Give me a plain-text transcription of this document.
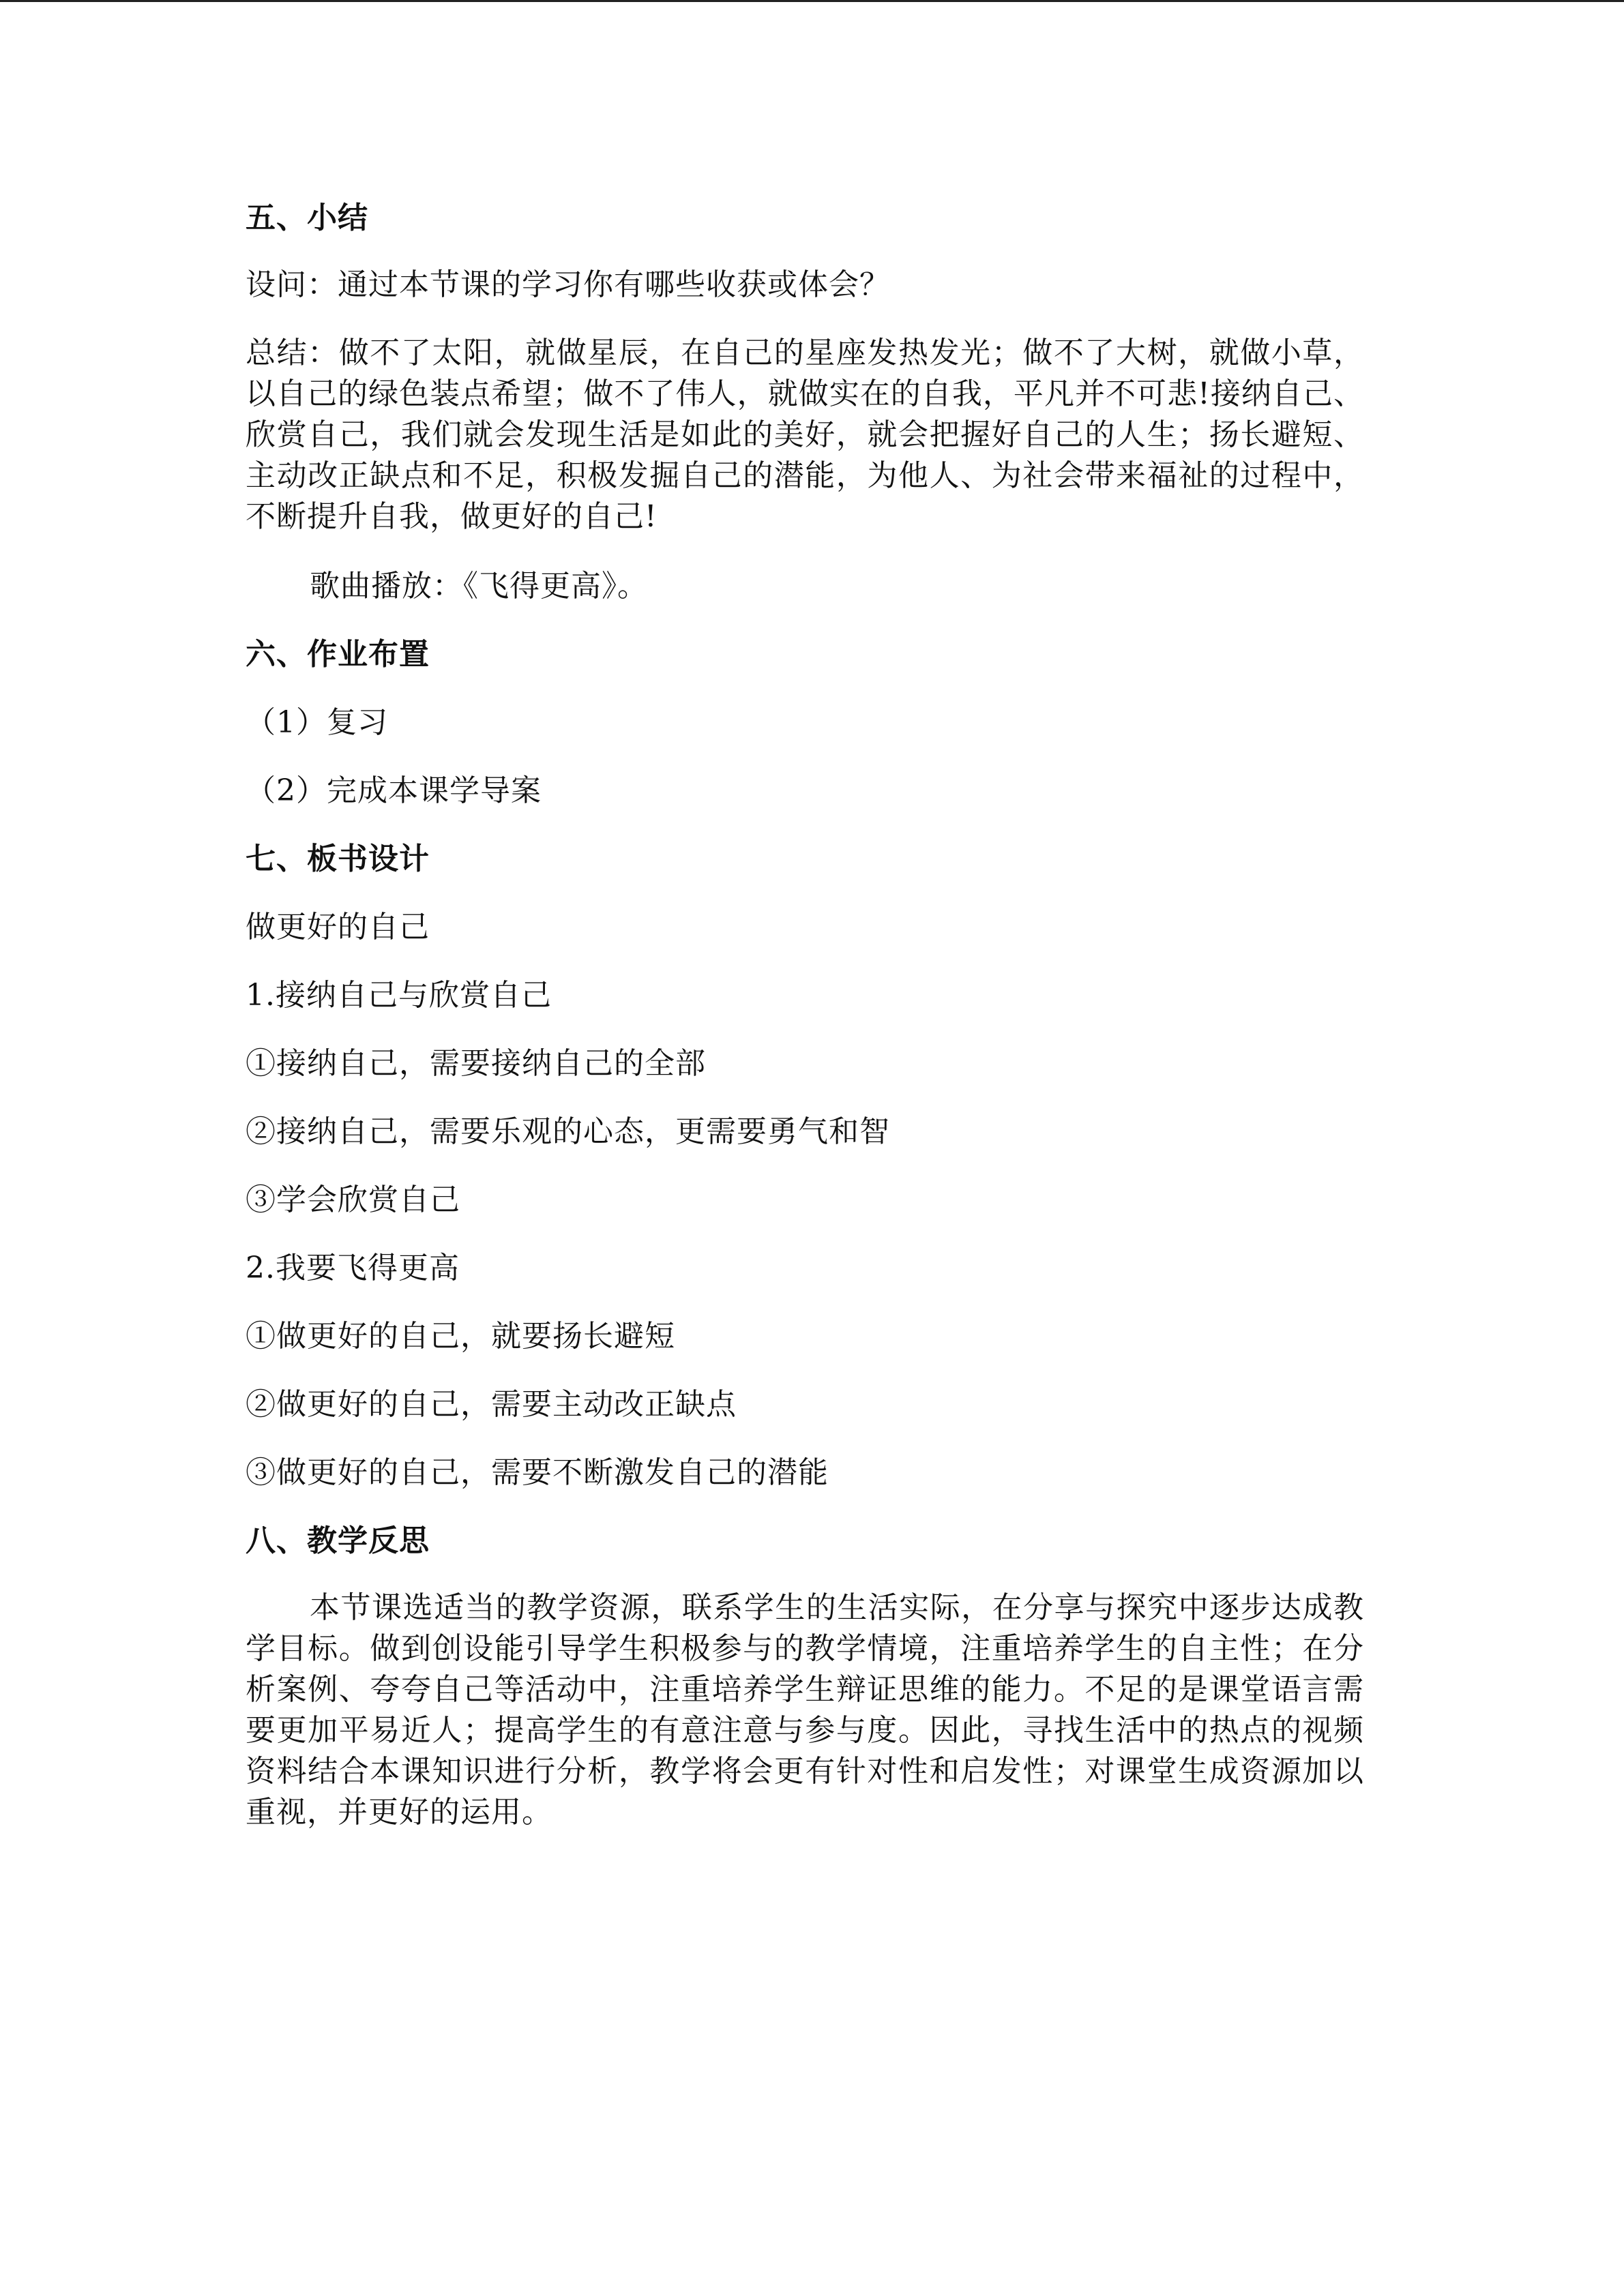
五、小结
设问：通过本节课的学习你有哪些收获或体会？
总结：做不了太阳，就做星辰，在自己的星座发热发光；做不了大树，就做小草，以自己的绿色装点希望；做不了伟人，就做实在的自我，平凡并不可悲!接纳自己、欣赏自己，我们就会发现生活是如此的美好，就会把握好自己的人生；扬长避短、主动改正缺点和不足，积极发掘自己的潜能，为他人、为社会带来福祉的过程中，不断提升自我，做更好的自己!
歌曲播放：《飞得更高》。
六、作业布置
（1）复习
（2）完成本课学导案
七、板书设计
做更好的自己
1.接纳自己与欣赏自己
①接纳自己，需要接纳自己的全部
②接纳自己，需要乐观的心态，更需要勇气和智
③学会欣赏自己
2.我要飞得更高
①做更好的自己，就要扬长避短
②做更好的自己，需要主动改正缺点
③做更好的自己，需要不断激发自己的潜能
八、教学反思
本节课选适当的教学资源，联系学生的生活实际，在分享与探究中逐步达成教学目标。做到创设能引导学生积极参与的教学情境，注重培养学生的自主性；在分析案例、夸夸自己等活动中，注重培养学生辩证思维的能力。不足的是课堂语言需要更加平易近人；提高学生的有意注意与参与度。因此，寻找生活中的热点的视频资料结合本课知识进行分析，教学将会更有针对性和启发性；对课堂生成资源加以重视，并更好的运用。
